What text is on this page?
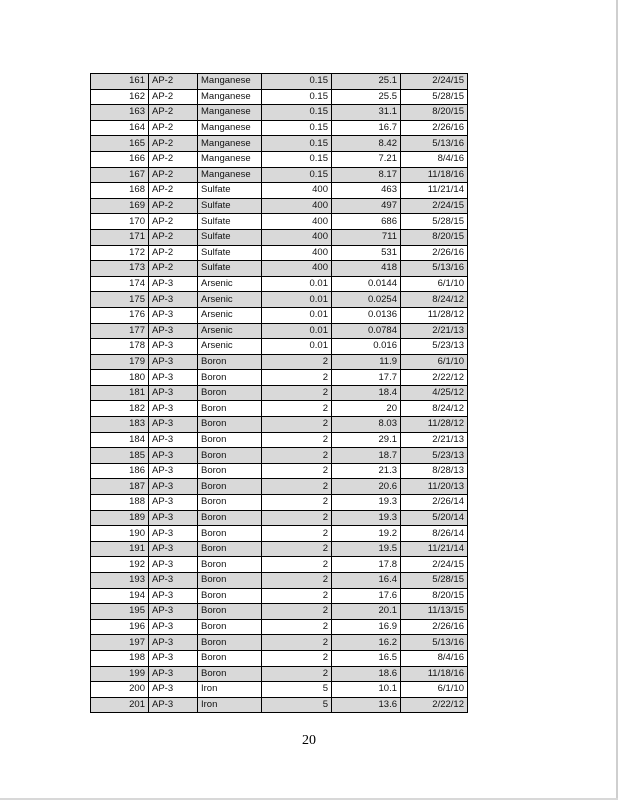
161	AP-2	Manganese	0.15	25.1	2/24/15
162	AP-2	Manganese	0.15	25.5	5/28/15
163	AP-2	Manganese	0.15	31.1	8/20/15
164	AP-2	Manganese	0.15	16.7	2/26/16
165	AP-2	Manganese	0.15	8.42	5/13/16
166	AP-2	Manganese	0.15	7.21	8/4/16
167	AP-2	Manganese	0.15	8.17	11/18/16
168	AP-2	Sulfate	400	463	11/21/14
169	AP-2	Sulfate	400	497	2/24/15
170	AP-2	Sulfate	400	686	5/28/15
171	AP-2	Sulfate	400	711	8/20/15
172	AP-2	Sulfate	400	531	2/26/16
173	AP-2	Sulfate	400	418	5/13/16
174	AP-3	Arsenic	0.01	0.0144	6/1/10
175	AP-3	Arsenic	0.01	0.0254	8/24/12
176	AP-3	Arsenic	0.01	0.0136	11/28/12
177	AP-3	Arsenic	0.01	0.0784	2/21/13
178	AP-3	Arsenic	0.01	0.016	5/23/13
179	AP-3	Boron	2	11.9	6/1/10
180	AP-3	Boron	2	17.7	2/22/12
181	AP-3	Boron	2	18.4	4/25/12
182	AP-3	Boron	2	20	8/24/12
183	AP-3	Boron	2	8.03	11/28/12
184	AP-3	Boron	2	29.1	2/21/13
185	AP-3	Boron	2	18.7	5/23/13
186	AP-3	Boron	2	21.3	8/28/13
187	AP-3	Boron	2	20.6	11/20/13
188	AP-3	Boron	2	19.3	2/26/14
189	AP-3	Boron	2	19.3	5/20/14
190	AP-3	Boron	2	19.2	8/26/14
191	AP-3	Boron	2	19.5	11/21/14
192	AP-3	Boron	2	17.8	2/24/15
193	AP-3	Boron	2	16.4	5/28/15
194	AP-3	Boron	2	17.6	8/20/15
195	AP-3	Boron	2	20.1	11/13/15
196	AP-3	Boron	2	16.9	2/26/16
197	AP-3	Boron	2	16.2	5/13/16
198	AP-3	Boron	2	16.5	8/4/16
199	AP-3	Boron	2	18.6	11/18/16
200	AP-3	Iron	5	10.1	6/1/10
201	AP-3	Iron	5	13.6	2/22/12
20
